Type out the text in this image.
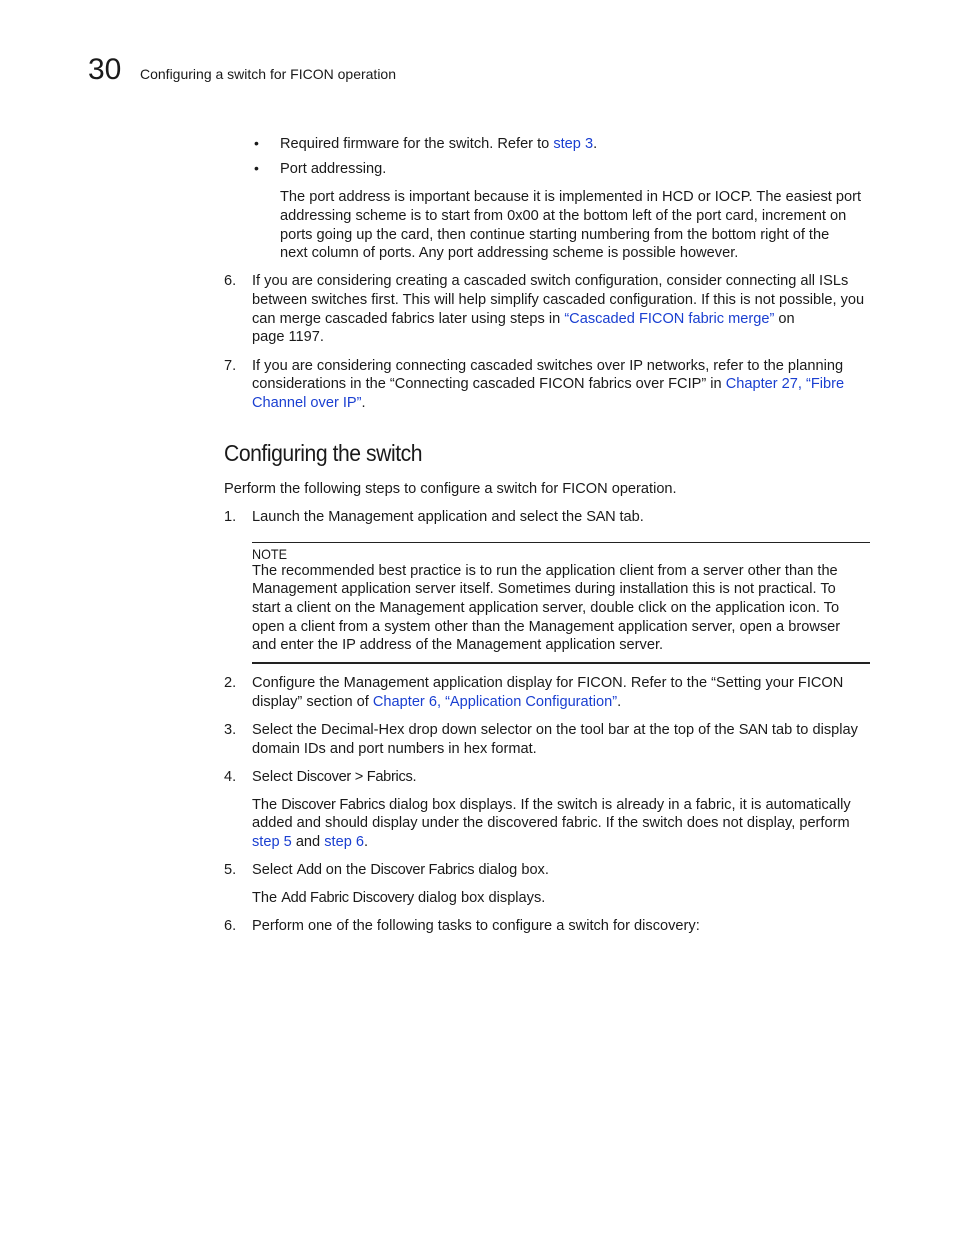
30 Configuring a switch for FICON operation
• Required firmware for the switch. Refer to step 3.

• Port addressing.

The port address is important because it is implemented in HCD or IOCP. The easiest port

addressing scheme is to start from 0x00 at the bottom left of the port card, increment on

ports going up the card, then continue starting numbering from the bottom right of the

next column of ports. Any port addressing scheme is possible however.

6. If you are considering creating a cascaded switch configuration, consider connecting all ISLs

between switches first. This will help simplify cascaded configuration. If this is not possible, you

can merge cascaded fabrics later using steps in “Cascaded FICON fabric merge” on

page 1197.

7. If you are considering connecting cascaded switches over IP networks, refer to the planning

considerations in the “Connecting cascaded FICON fabrics over FCIP” in Chapter 27, “Fibre

Channel over IP”.

Configuring the switch

Perform the following steps to configure a switch for FICON operation.

1. Launch the Management application and select the SAN tab.

NOTE

The recommended best practice is to run the application client from a server other than the

Management application server itself. Sometimes during installation this is not practical. To

start a client on the Management application server, double click on the application icon. To

open a client from a system other than the Management application server, open a browser

and enter the IP address of the Management application server.

2. Configure the Management application display for FICON. Refer to the “Setting your FICON

display” section of Chapter 6, “Application Configuration”.

3. Select the Decimal-Hex drop down selector on the tool bar at the top of the SAN tab to display

domain IDs and port numbers in hex format.

4. Select Discover > Fabrics.

The Discover Fabrics dialog box displays. If the switch is already in a fabric, it is automatically

added and should display under the discovered fabric. If the switch does not display, perform

step 5 and step 6.

5. Select Add on the Discover Fabrics dialog box.

The Add Fabric Discovery dialog box displays.

6. Perform one of the following tasks to configure a switch for discovery:
